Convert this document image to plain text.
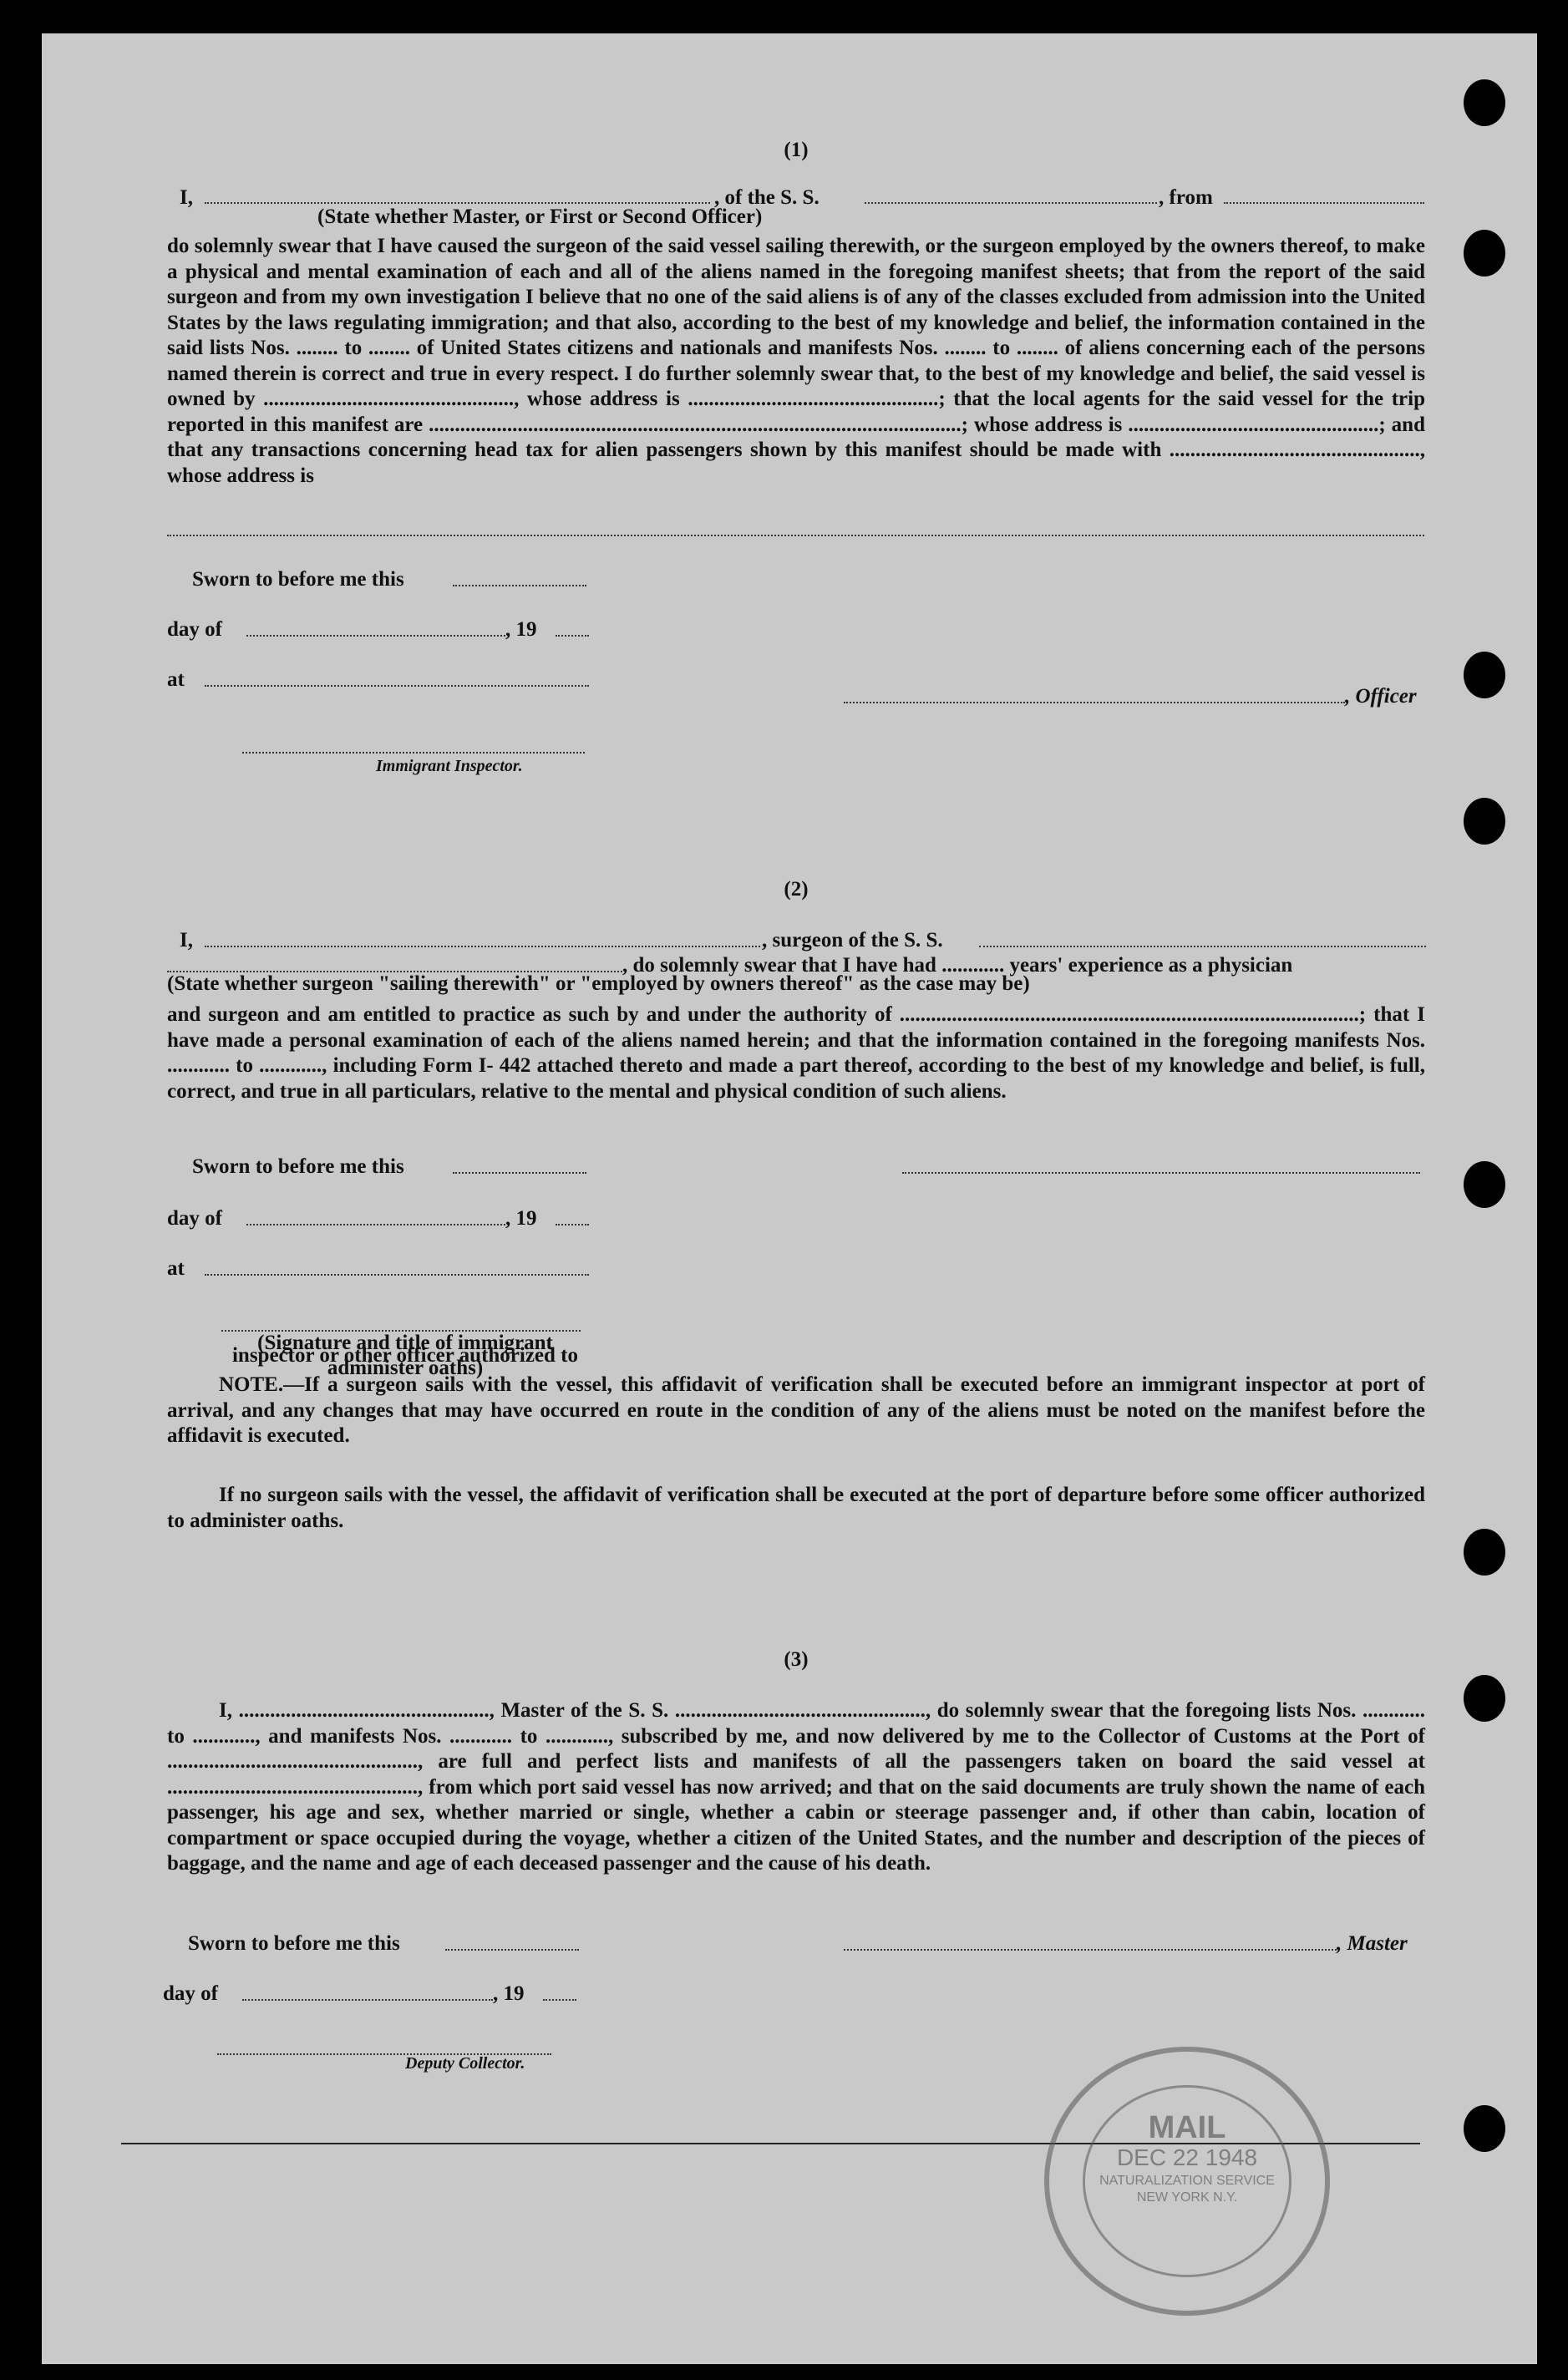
(1)
I,	, of the S. S.	, from
(State whether Master, or First or Second Officer)
do solemnly swear that I have caused the surgeon of the said vessel sailing therewith, or the surgeon employed by the owners thereof, to make a physical and mental examination of each and all of the aliens named in the foregoing manifest sheets; that from the report of the said surgeon and from my own investigation I believe that no one of the said aliens is of any of the classes excluded from admission into the United States by the laws regulating immigration; and that also, according to the best of my knowledge and belief, the information contained in the said lists Nos. ........ to ........ of United States citizens and nationals and manifests Nos. ........ to ........ of aliens concerning each of the persons named therein is correct and true in every respect. I do further solemnly swear that, to the best of my knowledge and belief, the said vessel is owned by ................................................, whose address is ................................................; that the local agents for the said vessel for the trip reported in this manifest are ......................................................................................................; whose address is ................................................; and that any transactions concerning head tax for alien passengers shown by this manifest should be made with ................................................, whose address is
Sworn to before me this
day of	, 19
at
Immigrant Inspector.
, Officer
(2)
I,	, surgeon of the S. S.
, do solemnly swear that I have had ............ years' experience as a physician
(State whether surgeon "sailing therewith" or "employed by owners thereof" as the case may be)
and surgeon and am entitled to practice as such by and under the authority of ........................................................................................; that I have made a personal examination of each of the aliens named herein; and that the information contained in the foregoing manifests Nos. ............ to ............, including Form I- 442 attached thereto and made a part thereof, according to the best of my knowledge and belief, is full, correct, and true in all particulars, relative to the mental and physical condition of such aliens.
Sworn to before me this
day of	, 19
at
(Signature and title of immigrant inspector or other officer authorized to administer oaths)
NOTE.—If a surgeon sails with the vessel, this affidavit of verification shall be executed before an immigrant inspector at port of arrival, and any changes that may have occurred en route in the condition of any of the aliens must be noted on the manifest before the affidavit is executed.
If no surgeon sails with the vessel, the affidavit of verification shall be executed at the port of departure before some officer authorized to administer oaths.
(3)
I, ................................................, Master of the S. S. ................................................, do solemnly swear that the foregoing lists Nos. ............ to ............, and manifests Nos. ............ to ............, subscribed by me, and now delivered by me to the Collector of Customs at the Port of ................................................, are full and perfect lists and manifests of all the passengers taken on board the said vessel at ................................................, from which port said vessel has now arrived; and that on the said documents are truly shown the name of each passenger, his age and sex, whether married or single, whether a cabin or steerage passenger and, if other than cabin, location of compartment or space occupied during the voyage, whether a citizen of the United States, and the number and description of the pieces of baggage, and the name and age of each deceased passenger and the cause of his death.
Sworn to before me this	, Master
day of	, 19
Deputy Collector.
MAIL
DEC 22 1948
NATURALIZATION SERVICE
NEW YORK N.Y.
